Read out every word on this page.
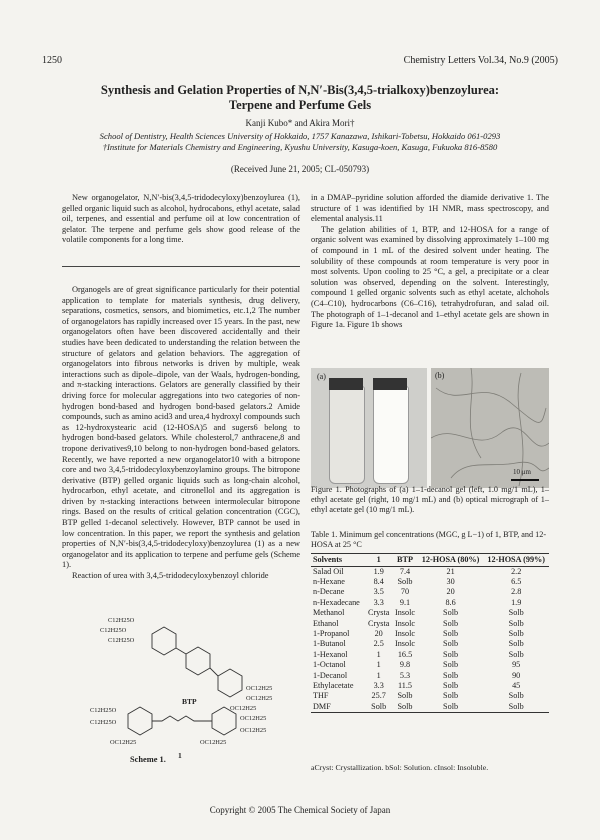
1250	Chemistry Letters Vol.34, No.9 (2005)
Synthesis and Gelation Properties of N,N′-Bis(3,4,5-trialkoxy)benzoylurea:
Terpene and Perfume Gels
Kanji Kubo* and Akira Mori†
School of Dentistry, Health Sciences University of Hokkaido, 1757 Kanazawa, Ishikari-Tobetsu, Hokkaido 061-0293
†Institute for Materials Chemistry and Engineering, Kyushu University, Kasuga-koen, Kasuga, Fukuoka 816-8580
(Received June 21, 2005; CL-050793)

New organogelator, N,N′-bis(3,4,5-tridodecyloxy)benzoylurea (1), gelled organic liquid such as alcohol, hydrocabons, ethyl acetate, salad oil, terpenes, and essential and perfume oil at low concentration of gelator. The terpene and perfume gels show good release of the volatile components for a long time.

Organogels are of great significance particularly for their potential application to template for materials synthesis, drug delivery, separations, cosmetics, sensors, and biomimetics, etc.1,2 The number of organogelators has rapidly increased over 15 years. In the past, new organogelators often have been discovered accidentally and their studies have been dedicated to understanding the relation between the structure of gelators and gelation behaviors. The aggregation of organogelators into fibrous networks is driven by multiple, weak interactions such as dipole–dipole, van der Waals, hydrogen-bonding, and π-stacking interactions. Gelators are generally classified by their driving force for molecular aggregations into two categories of non-hydrogen bond-based and hydrogen bond-based gelators.2 Amide compounds, such as amino acid3 and urea,4 hydroxyl compounds such as 12-hydroxystearic acid (12-HOSA)5 and sugers6 belong to hydrogen bond-based gelators. While cholesterol,7 anthracene,8 and tropone derivatives9,10 belong to non-hydrogen bond-based gelators. Recently, we have reported a new organogelator10 with a bitropone core and two 3,4,5-tridodecyloxybenzoylamino groups. The bitropone derivative (BTP) gelled organic liquids such as long-chain alcohol, hydrocarbon, ethyl acetate, and citronellol and its aggregation is driven by π-stacking interactions between intermolecular bitropone rings. Based on the results of critical gelation concentration (CGC), BTP gelled 1-decanol selectively. However, BTP cannot be used in low concentration. In this paper, we report the synthesis and gelation properties of N,N′-bis(3,4,5-tridodecyloxy)benzoylurea (1) as a new organogelator and its application to terpene and perfume gels (Scheme 1).

Reaction of urea with 3,4,5-tridodecyloxybenzoyl chloride

C12H25O
C12H25O
C12H25O
OC12H25
OC12H25
OC12H25
C12H25O
C12H25O
OC12H25
OC12H25
OC12H25
OC12H25
BTP
1
Scheme 1.

in a DMAP–pyridine solution afforded the diamide derivative 1. The structure of 1 was identified by 1H NMR, mass spectroscopy, and elemental analysis.11

The gelation abilities of 1, BTP, and 12-HOSA for a range of organic solvent was examined by dissolving approximately 1–100 mg of compound in 1 mL of the desired solvent under heating. The solubility of these compounds at room temperature is very poor in most solvents. Upon cooling to 25 °C, a gel, a precipitate or a clear solution was observed, depending on the solvent. Interestingly, compound 1 gelled organic solvents such as ethyl acetate, alchohols (C4–C10), hydrocarbons (C6–C16), tetrahydrofuran, and salad oil. The photograph of 1–1-decanol and 1–ethyl acetate gels are shown in Figure 1a. Figure 1b shows

(a)	(b)
10 μm
Figure 1. Photographs of (a) 1–1-decanol gel (left, 1.0 mg/1 mL), 1–ethyl acetate gel (right, 10 mg/1 mL) and (b) optical micrograph of 1–ethyl acetate gel (10 mg/1 mL).
Table 1. Minimum gel concentrations (MGC, g L−1) of 1, BTP, and 12-HOSA at 25 °C
Solvents	1	BTP	12-HOSA (80%)	12-HOSA (99%)
Salad Oil	1.9	7.4	21	2.2
n-Hexane	8.4	Solb	30	6.5
n-Decane	3.5	70	20	2.8
n-Hexadecane	3.3	9.1	8.6	1.9
Methanol	Crysta	Insolc	Solb	Solb
Ethanol	Crysta	Insolc	Solb	Solb
1-Propanol	20	Insolc	Solb	Solb
1-Butanol	2.5	Insolc	Solb	Solb
1-Hexanol	1	16.5	Solb	Solb
1-Octanol	1	9.8	Solb	95
1-Decanol	1	5.3	Solb	90
Ethylacetate	3.3	11.5	Solb	45
THF	25.7	Solb	Solb	Solb
DMF	Solb	Solb	Solb	Solb
aCryst: Crystallization. bSol: Solution. cInsol: Insoluble.
Copyright © 2005 The Chemical Society of Japan
